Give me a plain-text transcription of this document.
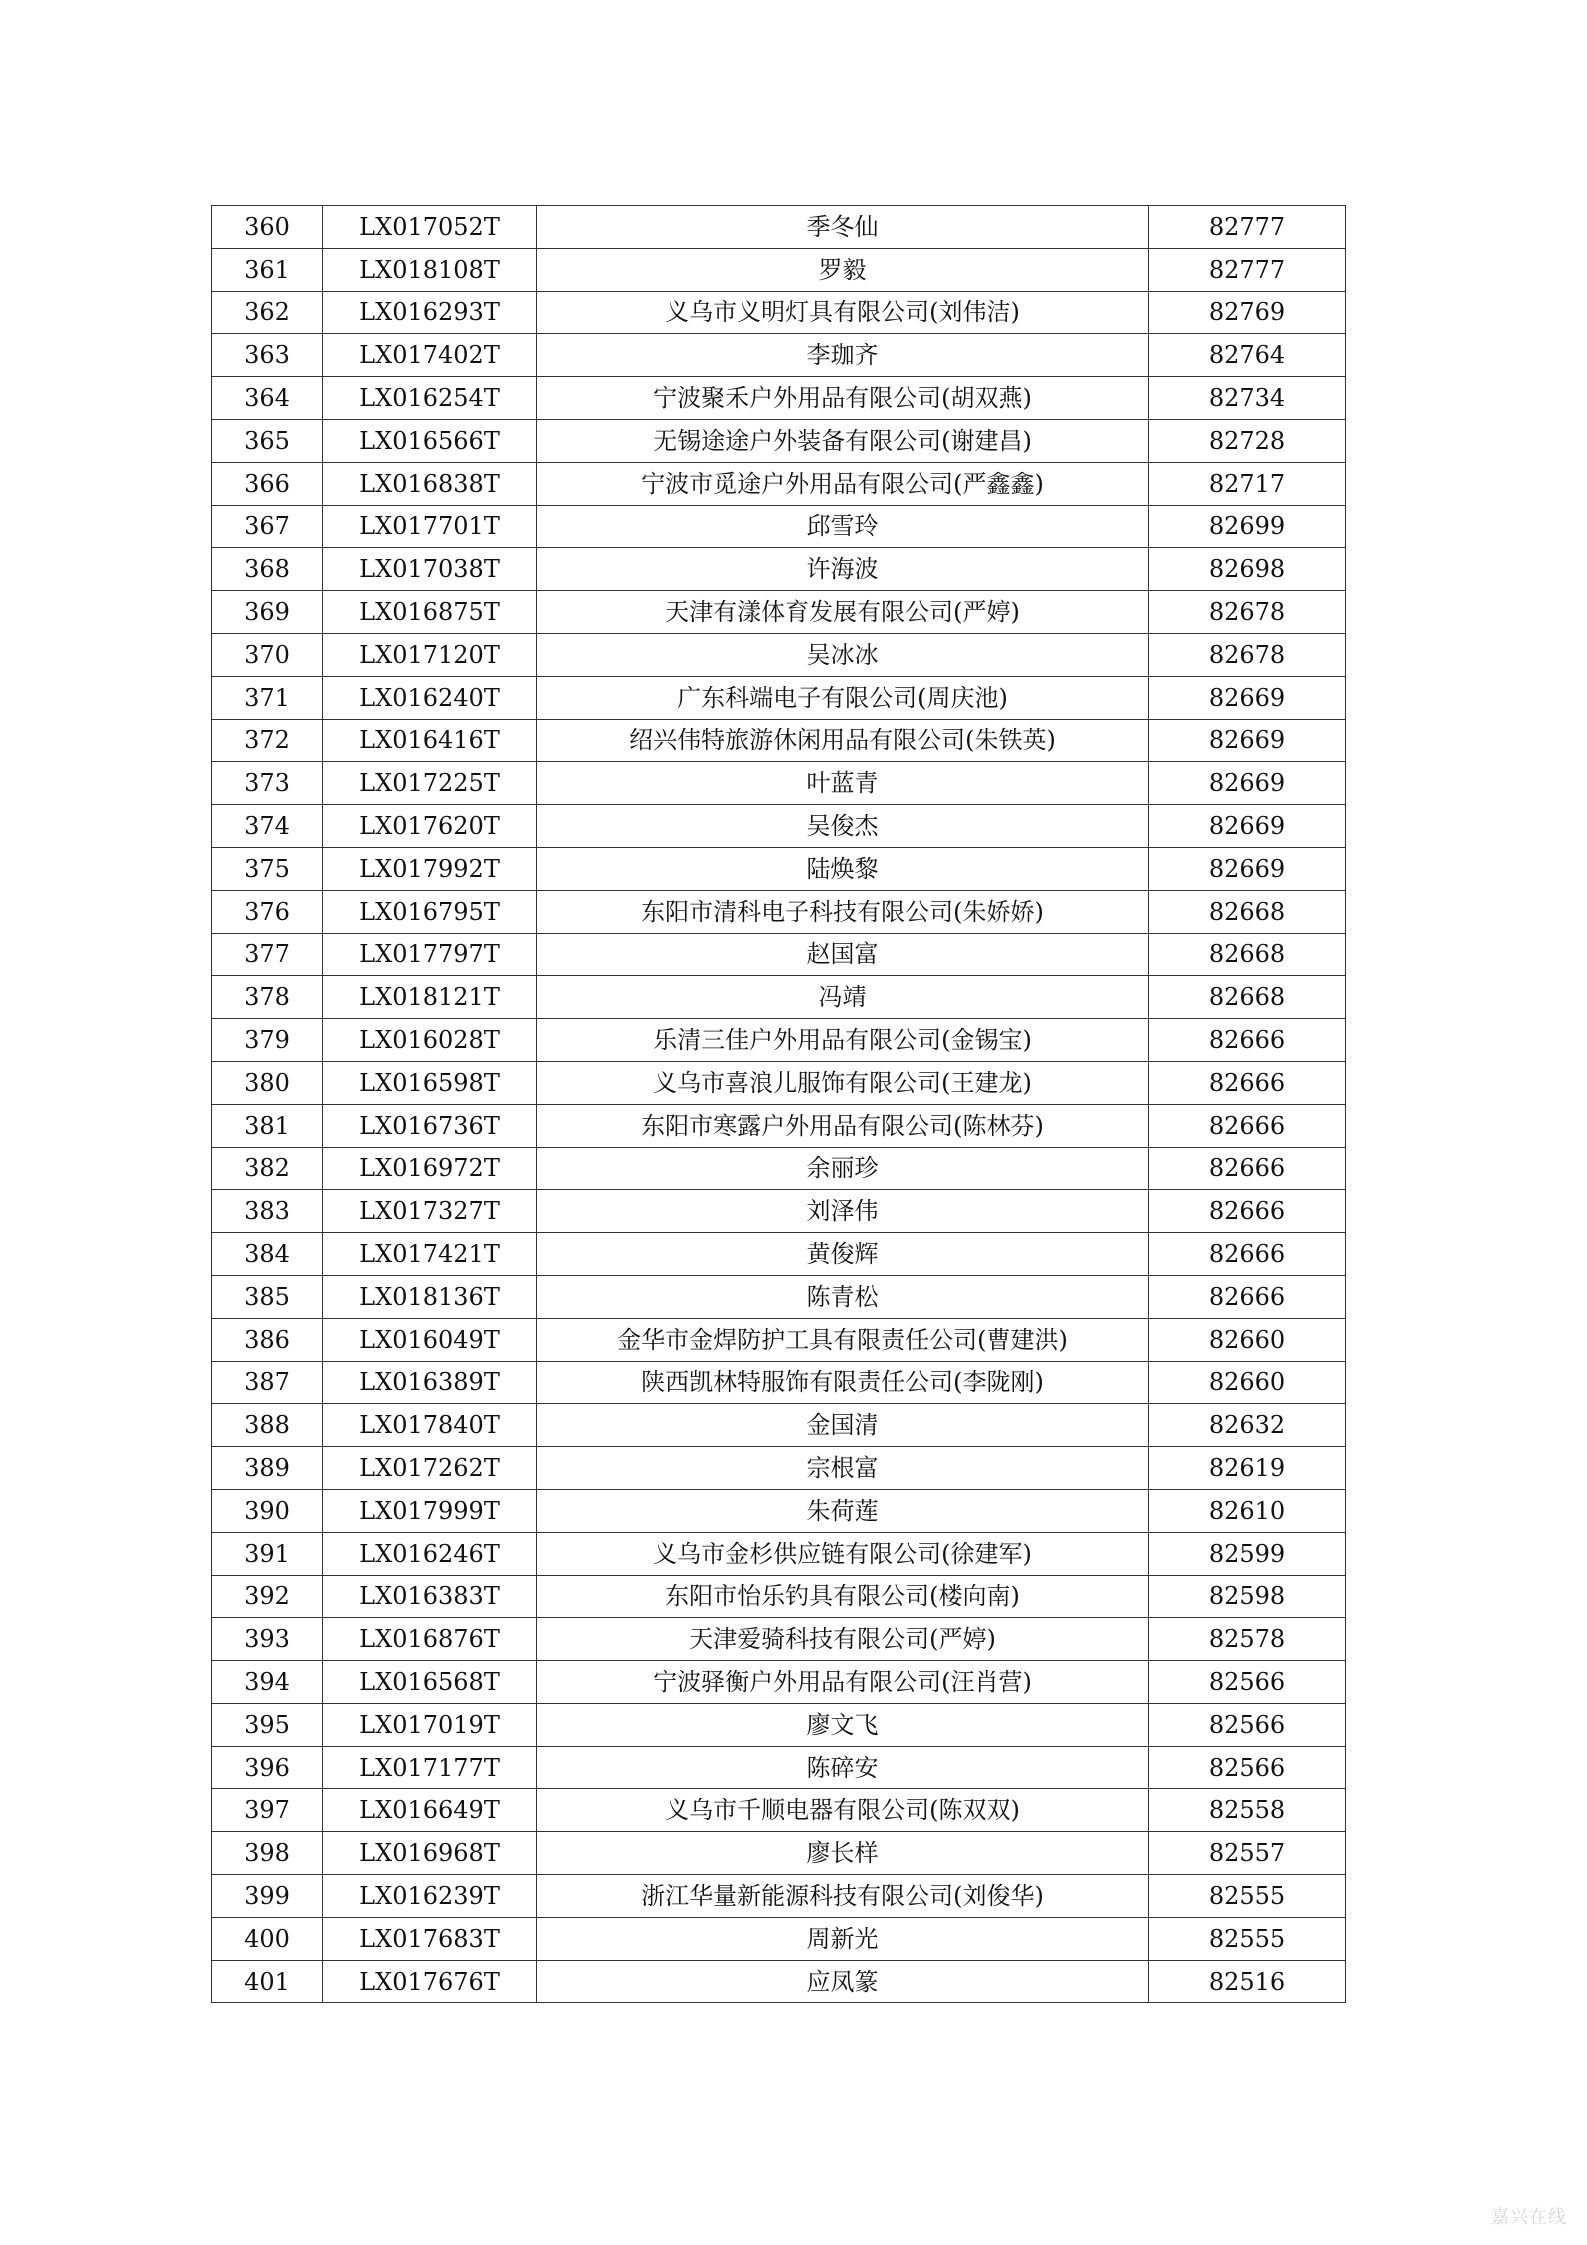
360	LX017052T	季冬仙	82777
361	LX018108T	罗毅	82777
362	LX016293T	义乌市义明灯具有限公司(刘伟洁)	82769
363	LX017402T	李珈齐	82764
364	LX016254T	宁波聚禾户外用品有限公司(胡双燕)	82734
365	LX016566T	无锡途途户外装备有限公司(谢建昌)	82728
366	LX016838T	宁波市觅途户外用品有限公司(严鑫鑫)	82717
367	LX017701T	邱雪玲	82699
368	LX017038T	许海波	82698
369	LX016875T	天津有漾体育发展有限公司(严婷)	82678
370	LX017120T	吴冰冰	82678
371	LX016240T	广东科端电子有限公司(周庆池)	82669
372	LX016416T	绍兴伟特旅游休闲用品有限公司(朱铁英)	82669
373	LX017225T	叶蓝青	82669
374	LX017620T	吴俊杰	82669
375	LX017992T	陆焕黎	82669
376	LX016795T	东阳市清科电子科技有限公司(朱娇娇)	82668
377	LX017797T	赵国富	82668
378	LX018121T	冯靖	82668
379	LX016028T	乐清三佳户外用品有限公司(金锡宝)	82666
380	LX016598T	义乌市喜浪儿服饰有限公司(王建龙)	82666
381	LX016736T	东阳市寒露户外用品有限公司(陈林芬)	82666
382	LX016972T	余丽珍	82666
383	LX017327T	刘泽伟	82666
384	LX017421T	黄俊辉	82666
385	LX018136T	陈青松	82666
386	LX016049T	金华市金焊防护工具有限责任公司(曹建洪)	82660
387	LX016389T	陕西凯林特服饰有限责任公司(李陇刚)	82660
388	LX017840T	金国清	82632
389	LX017262T	宗根富	82619
390	LX017999T	朱荷莲	82610
391	LX016246T	义乌市金杉供应链有限公司(徐建军)	82599
392	LX016383T	东阳市怡乐钓具有限公司(楼向南)	82598
393	LX016876T	天津爱骑科技有限公司(严婷)	82578
394	LX016568T	宁波驿衡户外用品有限公司(汪肖营)	82566
395	LX017019T	廖文飞	82566
396	LX017177T	陈碎安	82566
397	LX016649T	义乌市千顺电器有限公司(陈双双)	82558
398	LX016968T	廖长样	82557
399	LX016239T	浙江华量新能源科技有限公司(刘俊华)	82555
400	LX017683T	周新光	82555
401	LX017676T	应凤篆	82516
嘉兴在线
